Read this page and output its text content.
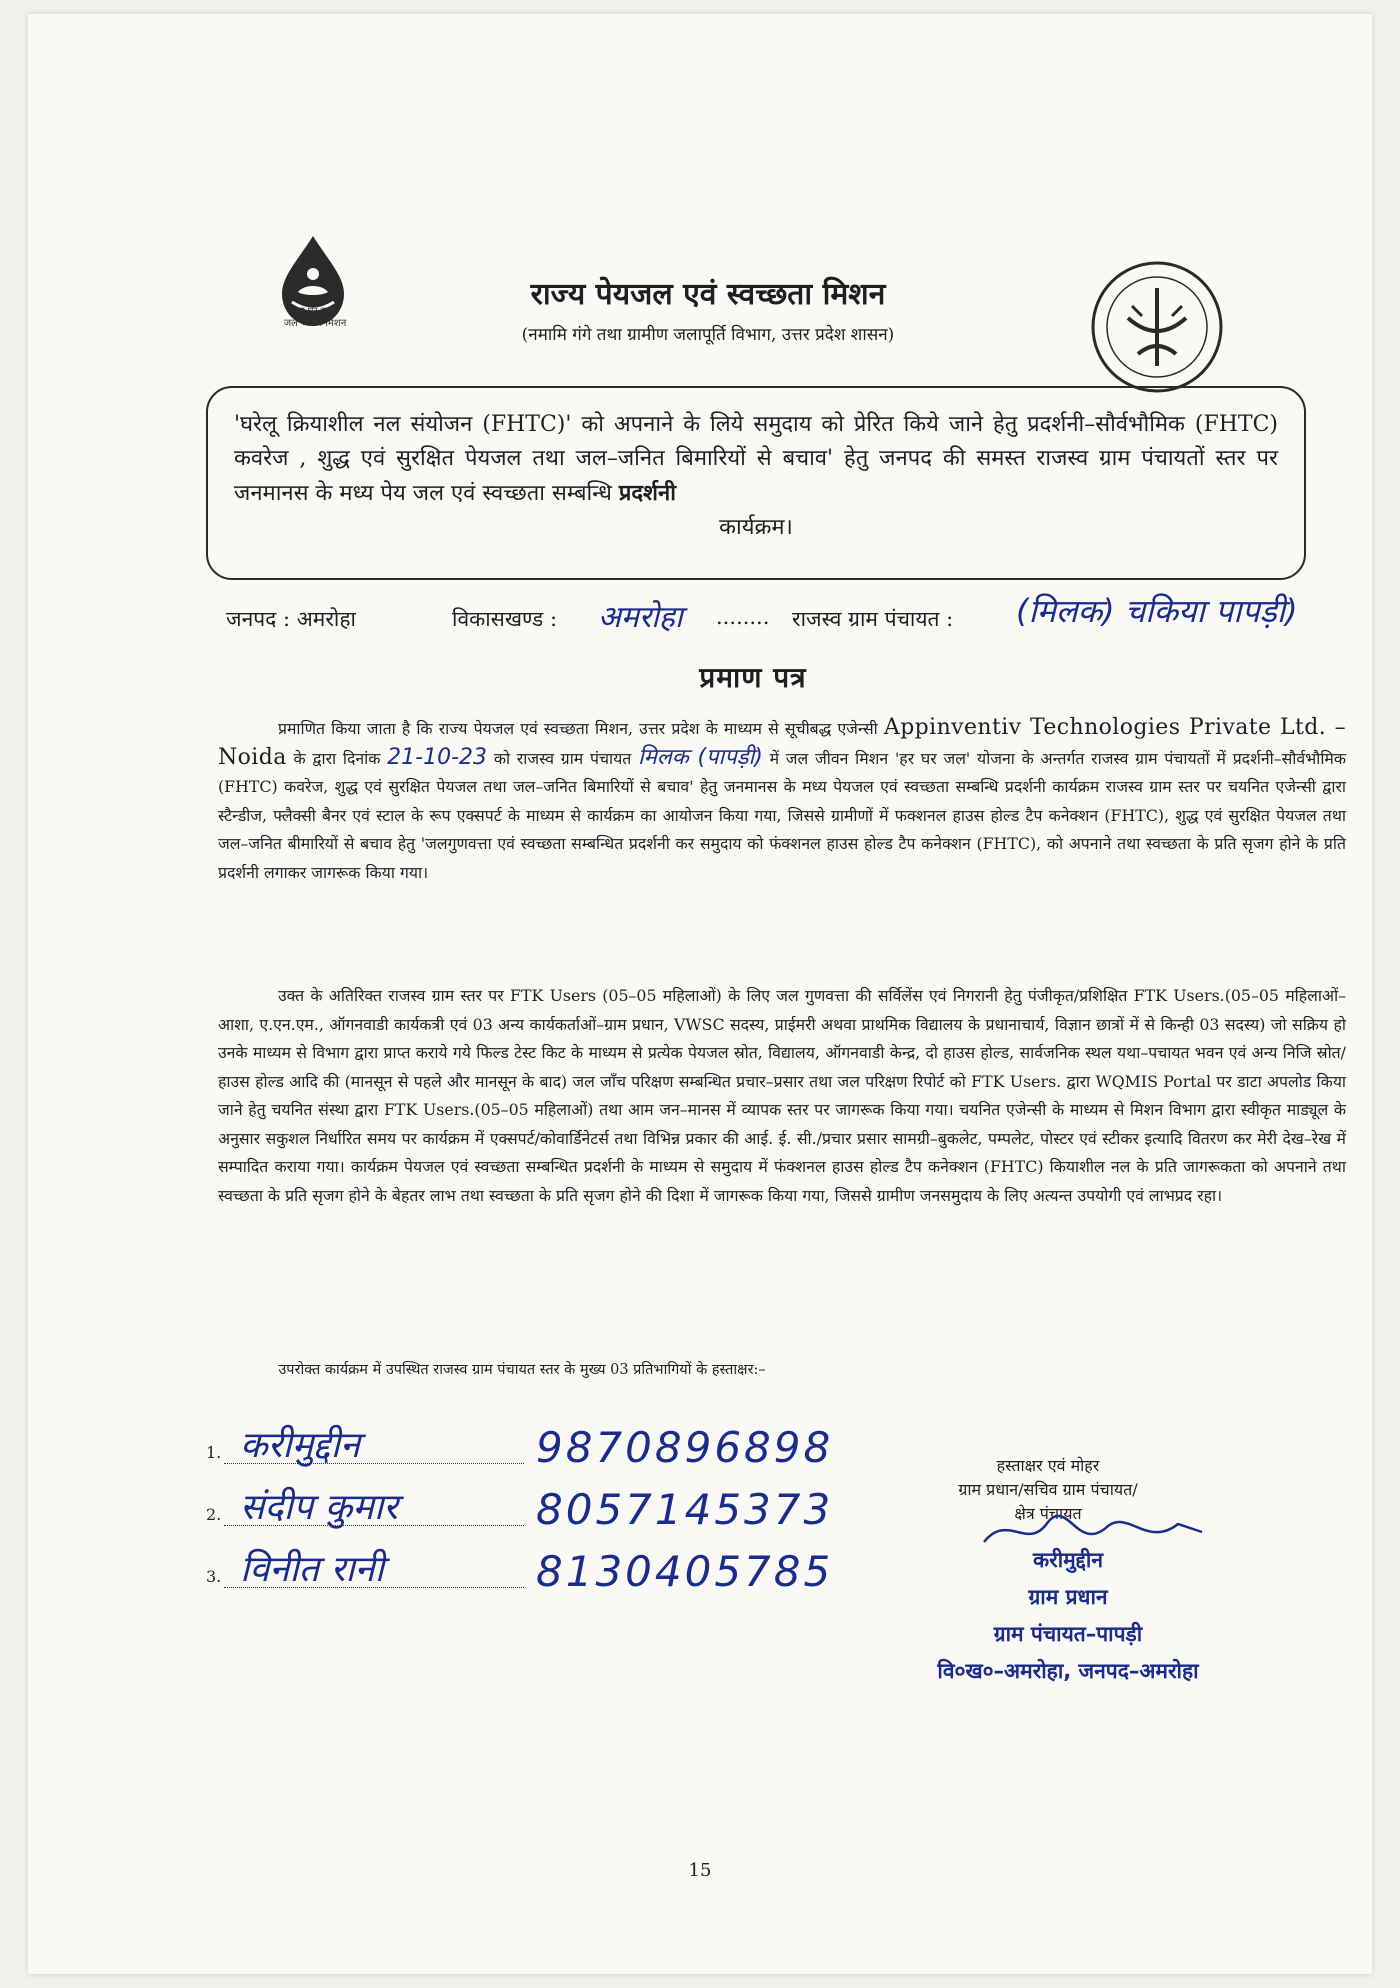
हर घर जल
जल जीवन मिशन
राज्य पेयजल एवं स्वच्छता मिशन
(नमामि गंगे तथा ग्रामीण जलापूर्ति विभाग, उत्तर प्रदेश शासन)
'घरेलू क्रियाशील नल संयोजन (FHTC)' को अपनाने के लिये समुदाय को प्रेरित किये जाने हेतु प्रदर्शनी–सौर्वभौमिक (FHTC) कवरेज , शुद्ध एवं सुरक्षित पेयजल तथा जल–जनित बिमारियों से बचाव' हेतु जनपद की समस्त राजस्व ग्राम पंचायतों स्तर पर जनमानस के मध्य पेय जल एवं स्वच्छता सम्बन्धि प्रदर्शनी
कार्यक्रम।
जनपद : अमरोहा	विकासखण्ड : अमरोहा ........ राजस्व ग्राम पंचायत : (मिलक) चकिया पापड़ी)
प्रमाण पत्र
प्रमाणित किया जाता है कि राज्य पेयजल एवं स्वच्छता मिशन, उत्तर प्रदेश के माध्यम से सूचीबद्ध एजेन्सी Appinventiv Technologies Private Ltd. – Noida के द्वारा दिनांक 21-10-23 को राजस्व ग्राम पंचायत मिलक (पापड़ी) में जल जीवन मिशन 'हर घर जल' योजना के अन्तर्गत राजस्व ग्राम पंचायतों में प्रदर्शनी–सौर्वभौमिक (FHTC) कवरेज, शुद्ध एवं सुरक्षित पेयजल तथा जल–जनित बिमारियों से बचाव' हेतु जनमानस के मध्य पेयजल एवं स्वच्छता सम्बन्धि प्रदर्शनी कार्यक्रम राजस्व ग्राम स्तर पर चयनित एजेन्सी द्वारा स्टैन्डीज, फ्लैक्सी बैनर एवं स्टाल के रूप एक्सपर्ट के माध्यम से कार्यक्रम का आयोजन किया गया, जिससे ग्रामीणों में फक्शनल हाउस होल्ड टैप कनेक्शन (FHTC), शुद्ध एवं सुरक्षित पेयजल तथा जल–जनित बीमारियों से बचाव हेतु 'जलगुणवत्ता एवं स्वच्छता सम्बन्धित प्रदर्शनी कर समुदाय को फंक्शनल हाउस होल्ड टैप कनेक्शन (FHTC), को अपनाने तथा स्वच्छता के प्रति सृजग होने के प्रति प्रदर्शनी लगाकर जागरूक किया गया।
उक्त के अतिरिक्त राजस्व ग्राम स्तर पर FTK Users (05–05 महिलाओं) के लिए जल गुणवत्ता की सर्विलेंस एवं निगरानी हेतु पंजीकृत/प्रशिक्षित FTK Users.(05–05 महिलाओं–आशा, ए.एन.एम., ऑगनवाडी कार्यकत्री एवं 03 अन्य कार्यकर्ताओं–ग्राम प्रधान, VWSC सदस्य, प्राईमरी अथवा प्राथमिक विद्यालय के प्रधानाचार्य, विज्ञान छात्रों में से किन्ही 03 सदस्य) जो सक्रिय हो उनके माध्यम से विभाग द्वारा प्राप्त कराये गये फिल्ड टेस्ट किट के माध्यम से प्रत्येक पेयजल स्रोत, विद्यालय, ऑगनवाडी केन्द्र, दो हाउस होल्ड, सार्वजनिक स्थल यथा–पचायत भवन एवं अन्य निजि स्रोत/हाउस होल्ड आदि की (मानसून से पहले और मानसून के बाद) जल जाँच परिक्षण सम्बन्धित प्रचार–प्रसार तथा जल परिक्षण रिपोर्ट को FTK Users. द्वारा WQMIS Portal पर डाटा अपलोड किया जाने हेतु चयनित संस्था द्वारा FTK Users.(05–05 महिलाओं) तथा आम जन–मानस में व्यापक स्तर पर जागरूक किया गया। चयनित एजेन्सी के माध्यम से मिशन विभाग द्वारा स्वीकृत माड्यूल के अनुसार सकुशल निर्धारित समय पर कार्यक्रम में एक्सपर्ट/कोवार्डिनेटर्स तथा विभिन्न प्रकार की आई. ई. सी./प्रचार प्रसार सामग्री–बुकलेट, पम्पलेट, पोस्टर एवं स्टीकर इत्यादि वितरण कर मेरी देख–रेख में सम्पादित कराया गया। कार्यक्रम पेयजल एवं स्वच्छता सम्बन्धित प्रदर्शनी के माध्यम से समुदाय में फंक्शनल हाउस होल्ड टैप कनेक्शन (FHTC) कियाशील नल के प्रति जागरूकता को अपनाने तथा स्वच्छता के प्रति सृजग होने के बेहतर लाभ तथा स्वच्छता के प्रति सृजग होने की दिशा में जागरूक किया गया, जिससे ग्रामीण जनसमुदाय के लिए अत्यन्त उपयोगी एवं लाभप्रद रहा।
उपरोक्त कार्यक्रम में उपस्थित राजस्व ग्राम पंचायत स्तर के मुख्य 03 प्रतिभागियों के हस्ताक्षर:–
1. करीमुद्दीन	9870896898
2. संदीप कुमार	8057145373
3. विनीत रानी	8130405785
हस्ताक्षर एवं मोहर
ग्राम प्रधान/सचिव ग्राम पंचायत/
क्षेत्र पंचायत
करीमुद्दीन
ग्राम प्रधान
ग्राम पंचायत–पापड़ी
वि०ख०–अमरोहा, जनपद–अमरोहा
15
